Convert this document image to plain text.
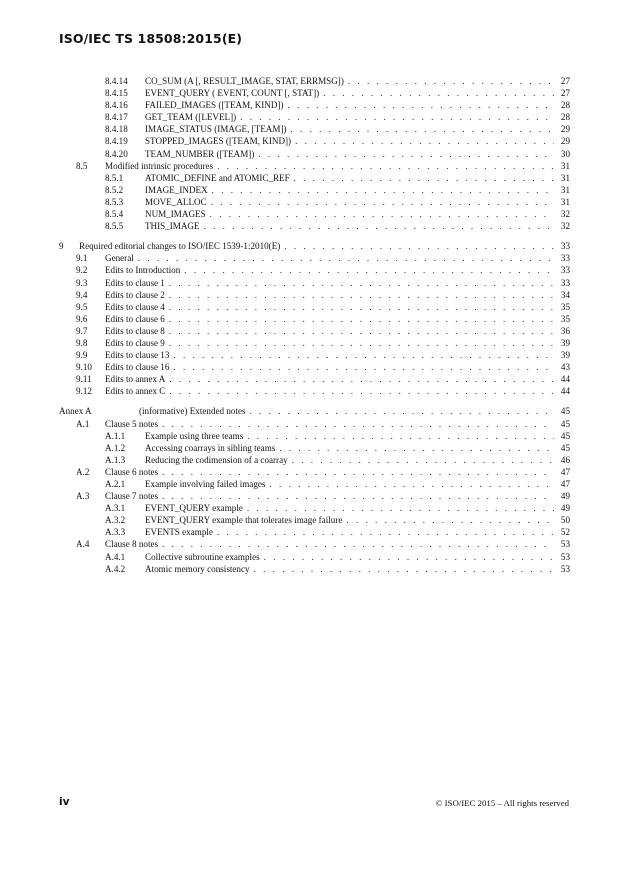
ISO/IEC TS 18508:2015(E)
8.4.14	CO_SUM (A [, RESULT_IMAGE, STAT, ERRMSG]) . . .	27
8.4.15	EVENT_QUERY ( EVENT, COUNT [, STAT]) . . .	27
8.4.16	FAILED_IMAGES ([TEAM, KIND]) . . .	28
8.4.17	GET_TEAM ([LEVEL]) . . .	28
8.4.18	IMAGE_STATUS (IMAGE, [TEAM]) . . .	29
8.4.19	STOPPED_IMAGES ([TEAM, KIND]) . . .	29
8.4.20	TEAM_NUMBER ([TEAM]) . . .	30
8.5	Modified intrinsic procedures . . .	31
8.5.1	ATOMIC_DEFINE and ATOMIC_REF . . .	31
8.5.2	IMAGE_INDEX . . .	31
8.5.3	MOVE_ALLOC . . .	31
8.5.4	NUM_IMAGES . . .	32
8.5.5	THIS_IMAGE . . .	32
9	Required editorial changes to ISO/IEC 1539-1:2010(E) . . .	33
9.1	General . . .	33
9.2	Edits to Introduction . . .	33
9.3	Edits to clause 1 . . .	33
9.4	Edits to clause 2 . . .	34
9.5	Edits to clause 4 . . .	35
9.6	Edits to clause 6 . . .	35
9.7	Edits to clause 8 . . .	36
9.8	Edits to clause 9 . . .	39
9.9	Edits to clause 13 . . .	39
9.10	Edits to clause 16 . . .	43
9.11	Edits to annex A . . .	44
9.12	Edits to annex C . . .	44
Annex A	(informative) Extended notes . . .	45
A.1	Clause 5 notes . . .	45
A.1.1	Example using three teams . . .	45
A.1.2	Accessing coarrays in sibling teams . . .	45
A.1.3	Reducing the codimension of a coarray . . .	46
A.2	Clause 6 notes . . .	47
A.2.1	Example involving failed images . . .	47
A.3	Clause 7 notes . . .	49
A.3.1	EVENT_QUERY example . . .	49
A.3.2	EVENT_QUERY example that tolerates image failure . . .	50
A.3.3	EVENTS example . . .	52
A.4	Clause 8 notes . . .	53
A.4.1	Collective subroutine examples . . .	53
A.4.2	Atomic memory consistency . . .	53
iv	© ISO/IEC 2015 – All rights reserved
